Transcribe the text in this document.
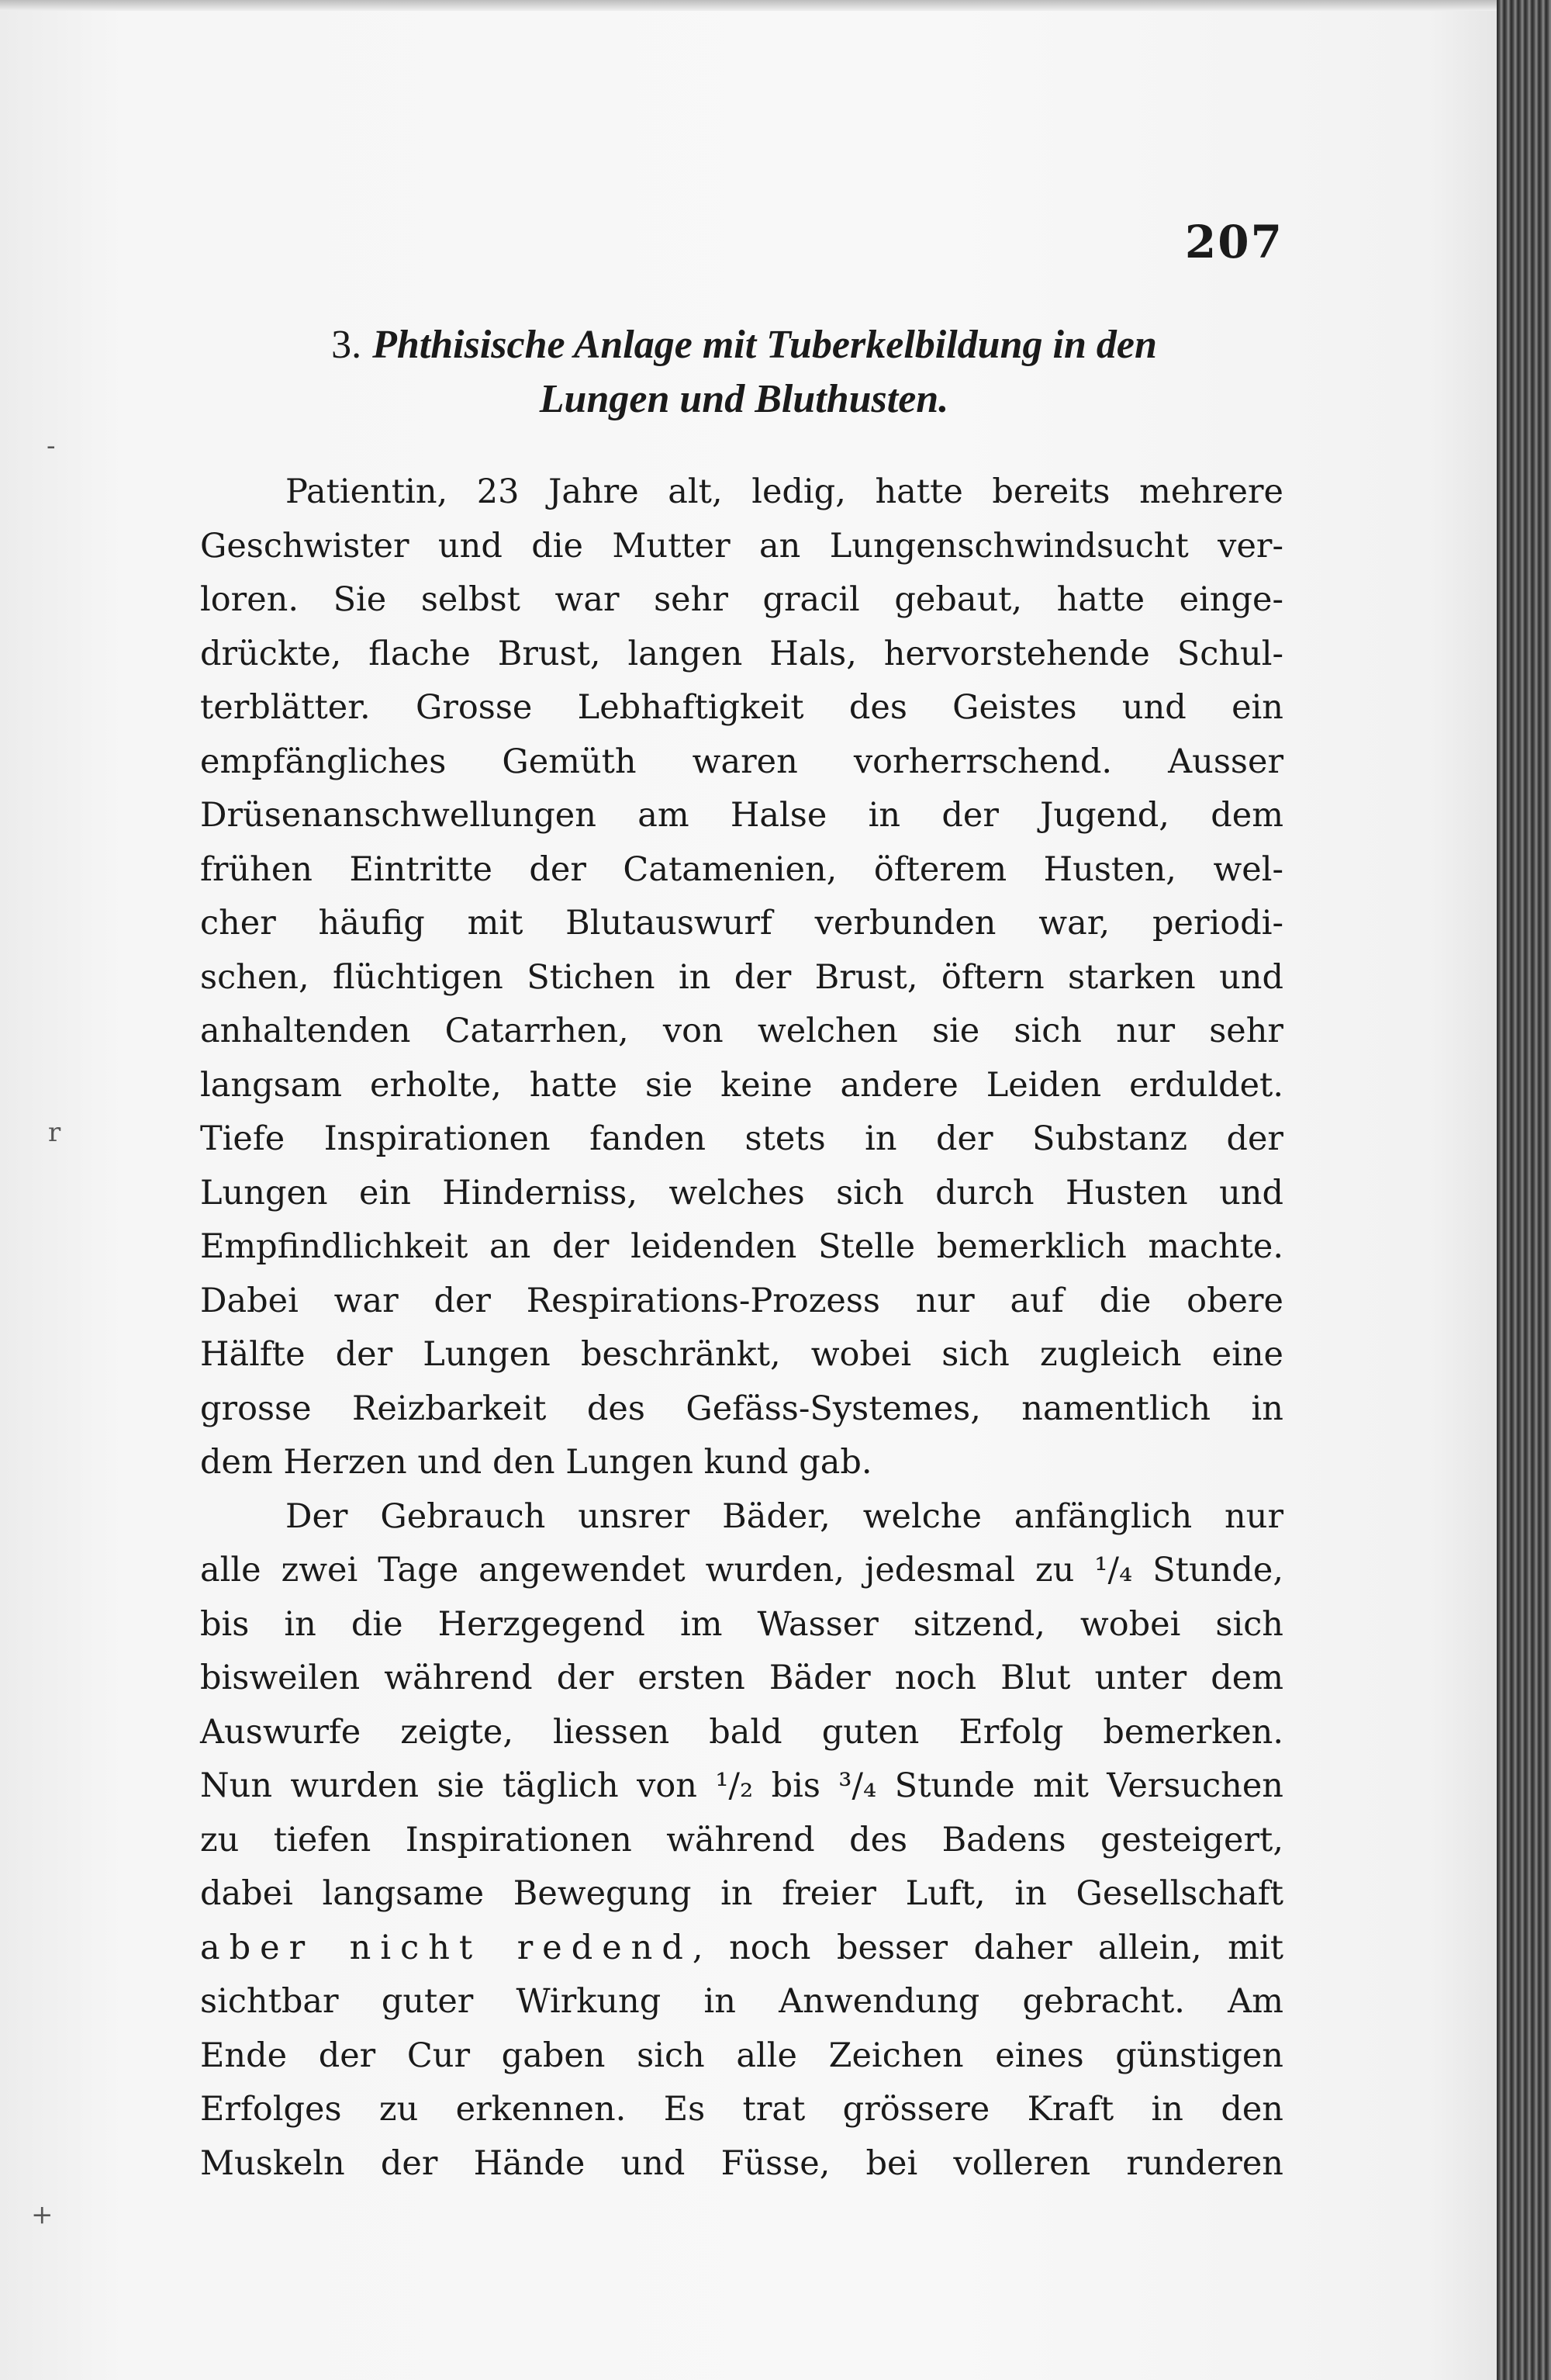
-
r
+
207
3. Phthisische Anlage mit Tuberkelbildung in den
Lungen und Bluthusten.
Patientin, 23 Jahre alt, ledig, hatte bereits mehrere
Geschwister und die Mutter an Lungenschwindsucht ver-
loren. Sie selbst war sehr gracil gebaut, hatte einge-
drückte, flache Brust, langen Hals, hervorstehende Schul-
terblätter. Grosse Lebhaftigkeit des Geistes und ein
empfängliches Gemüth waren vorherrschend. Ausser
Drüsenanschwellungen am Halse in der Jugend, dem
frühen Eintritte der Catamenien, öfterem Husten, wel-
cher häufig mit Blutauswurf verbunden war, periodi-
schen, flüchtigen Stichen in der Brust, öftern starken und
anhaltenden Catarrhen, von welchen sie sich nur sehr
langsam erholte, hatte sie keine andere Leiden erduldet.
Tiefe Inspirationen fanden stets in der Substanz der
Lungen ein Hinderniss, welches sich durch Husten und
Empfindlichkeit an der leidenden Stelle bemerklich machte.
Dabei war der Respirations-Prozess nur auf die obere
Hälfte der Lungen beschränkt, wobei sich zugleich eine
grosse Reizbarkeit des Gefäss-Systemes, namentlich in
dem Herzen und den Lungen kund gab.
Der Gebrauch unsrer Bäder, welche anfänglich nur
alle zwei Tage angewendet wurden, jedesmal zu ¹/₄ Stunde,
bis in die Herzgegend im Wasser sitzend, wobei sich
bisweilen während der ersten Bäder noch Blut unter dem
Auswurfe zeigte, liessen bald guten Erfolg bemerken.
Nun wurden sie täglich von ¹/₂ bis ³/₄ Stunde mit Versuchen
zu tiefen Inspirationen während des Badens gesteigert,
dabei langsame Bewegung in freier Luft, in Gesellschaft
aber nicht redend, noch besser daher allein, mit
sichtbar guter Wirkung in Anwendung gebracht. Am
Ende der Cur gaben sich alle Zeichen eines günstigen
Erfolges zu erkennen. Es trat grössere Kraft in den
Muskeln der Hände und Füsse, bei volleren runderen
